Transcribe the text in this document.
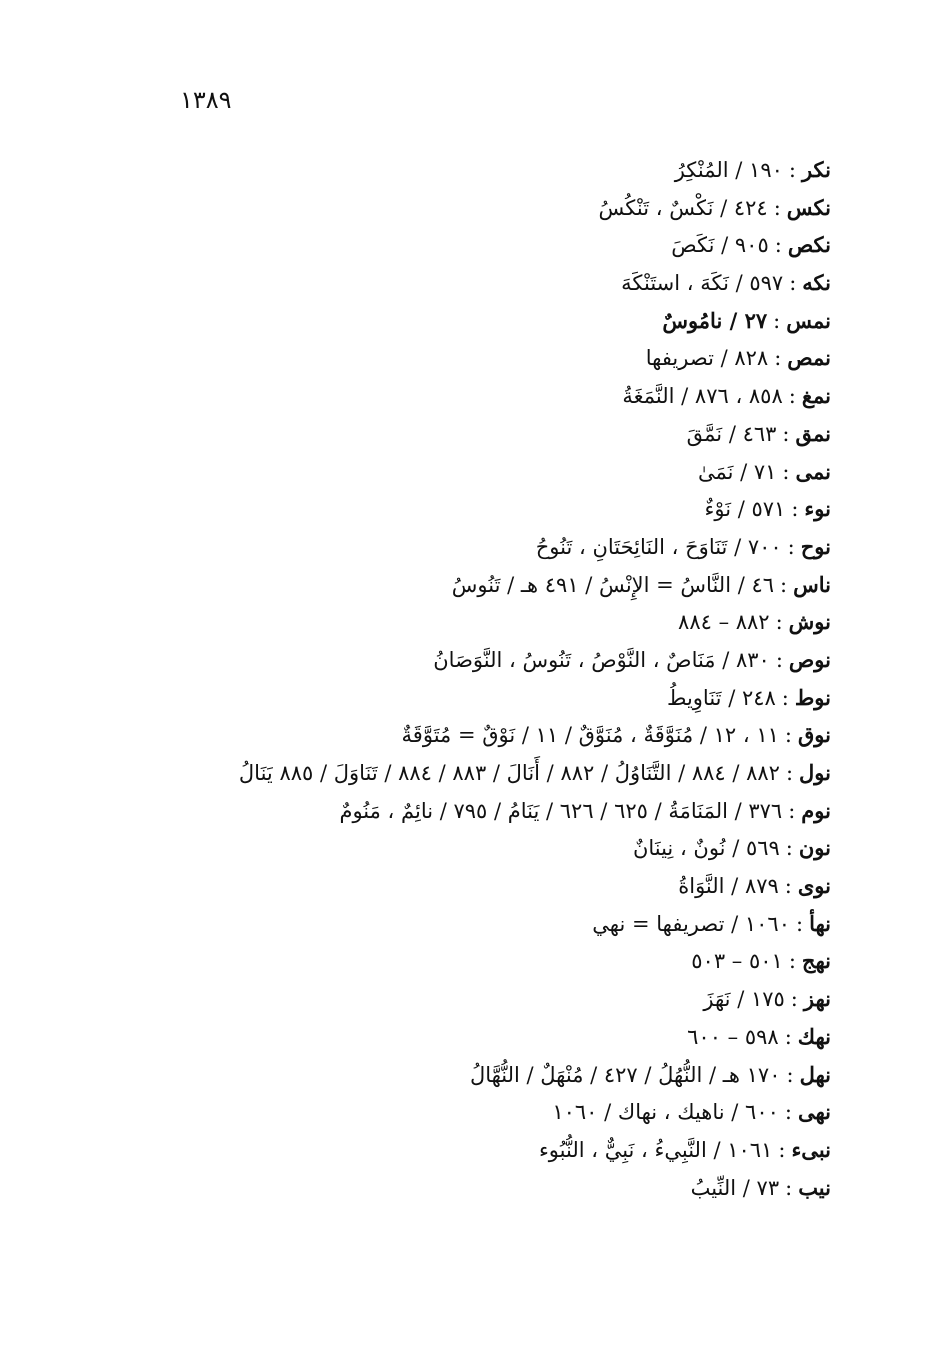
١٣٨٩
نكر:١٩٠ / المُنْكِرُ
نكس:٤٢٤ / نَكْسٌ ، تَنْكُسُ
نكص:٩٠٥ / نَكَصَ
نكه:٥٩٧ / نَكَهَ ، استَنْكَهَ
نمس:٢٧ / نامُوسٌ
نمص:٨٢٨ / تصريفها
نمغ:٨٥٨ ، ٨٧٦ / النَّمَغَةُ
نمق:٤٦٣ / نَمَّقَ
نمى:٧١ / نَمَىٰ
نوء:٥٧١ / نَوْءٌ
نوح:٧٠٠ / تَنَاوَحَ ، النَائِحَتَانِ ، تَنُوحُ
ناس:٤٦ / النَّاسُ = الإِنْسُ / ٤٩١ هـ / تَنُوسُ
نوش:٨٨٢ – ٨٨٤
نوص:٨٣٠ / مَنَاصٌ ، النَّوْصُ ، تَنُوسُ ، النَّوَصَانُ
نوط:٢٤٨ / تَنَاوِيطُ
نوق:١١ ، ١٢ / مُنَوَّقَةٌ ، مُنَوَّقٌ / ١١ / نَوْقٌ = مُتَوَّقَةٌ
نول:٨٨٢ / ٨٨٤ / التَّنَاوُلُ / ٨٨٢ / أَنَالَ / ٨٨٣ / ٨٨٤ / تَنَاوَلَ / ٨٨٥ يَنَالُ
نوم:٣٧٦ / المَنَامَةُ / ٦٢٥ / ٦٢٦ / يَنَامُ / ٧٩٥ / نائِمٌ ، مَنُومٌ
نون:٥٦٩ / نُونٌ ، نِينَانٌ
نوى:٨٧٩ / النَّوَاةُ
نهأ:١٠٦٠ / تصريفها = نهي
نهج:٥٠١ – ٥٠٣
نهز:١٧٥ / نَهَزَ
نهك:٥٩٨ – ٦٠٠
نهل:١٧٠ هـ / النُّهُلُ / ٤٢٧ / مُنْهَلٌ / النُّهَّالُ
نهى:٦٠٠ / ناهيك ، نهاك / ١٠٦٠
نبىء:١٠٦١ / النَّبِيءُ ، نَبِيٌّ ، النُّبُوء
نيب:٧٣ / النِّيبُ
